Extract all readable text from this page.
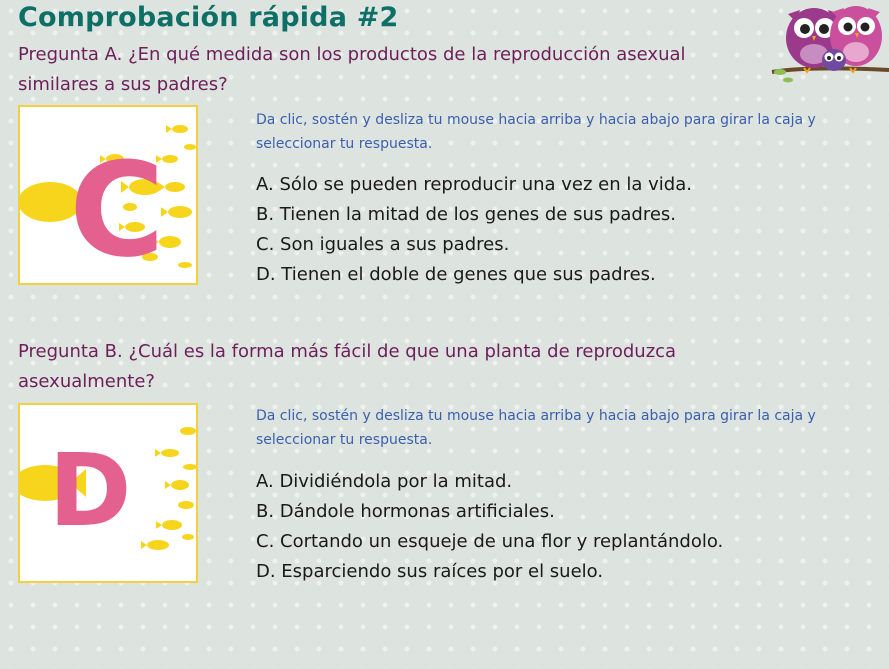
Comprobación rápida #2
Pregunta A. ¿En qué medida son los productos de la reproducción asexual similares a sus padres?
C
Da clic, sostén y desliza tu mouse hacia arriba y hacia abajo para girar la caja y seleccionar tu respuesta.
A. Sólo se pueden reproducir una vez en la vida.
B. Tienen la mitad de los genes de sus padres.
C. Son iguales a sus padres.
D. Tienen el doble de genes que sus padres.
Pregunta B. ¿Cuál es la forma más fácil de que una planta de reproduzca asexualmente?
D
Da clic, sostén y desliza tu mouse hacia arriba y hacia abajo para girar la caja y seleccionar tu respuesta.
A. Dividiéndola por la mitad.
B. Dándole hormonas artificiales.
C. Cortando un esqueje de una flor y replantándolo.
D. Esparciendo sus raíces por el suelo.
